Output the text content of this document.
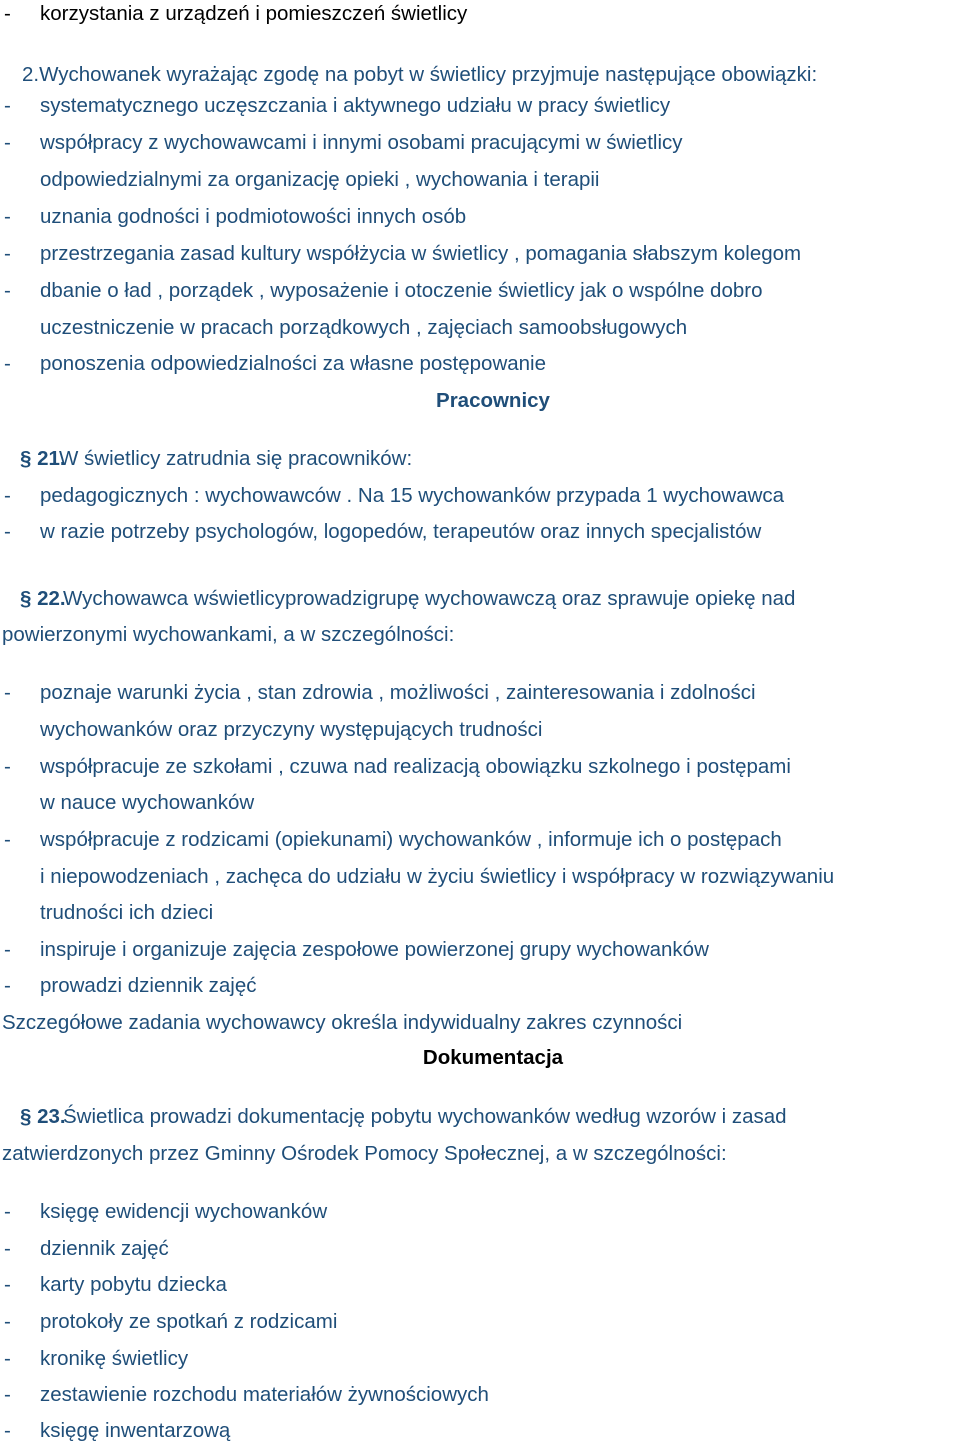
-	korzystania z urządzeń i pomieszczeń świetlicy
2.Wychowanek wyrażając zgodę na pobyt w świetlicy przyjmuje następujące obowiązki:
-	systematycznego uczęszczania i aktywnego udziału w pracy świetlicy
-	współpracy z wychowawcami i innymi osobami pracującymi w świetlicy
odpowiedzialnymi za organizację opieki , wychowania i terapii
-	uznania godności i podmiotowości innych osób
-	przestrzegania zasad kultury współżycia w świetlicy , pomagania słabszym kolegom
-	dbanie o ład , porządek , wyposażenie i otoczenie świetlicy jak o wspólne dobro
uczestniczenie w pracach porządkowych , zajęciach samoobsługowych
-	ponoszenia odpowiedzialności za własne postępowanie
Pracownicy
§ 21.
W świetlicy zatrudnia się pracowników:
-	pedagogicznych : wychowawców . Na 15 wychowanków przypada 1 wychowawca
-	w razie potrzeby psychologów, logopedów, terapeutów oraz innych specjalistów
§ 22.
Wychowawca wświetlicyprowadzigrupę wychowawczą oraz sprawuje opiekę nad
powierzonymi wychowankami, a w szczególności:
-	poznaje warunki życia , stan zdrowia , możliwości , zainteresowania i zdolności
wychowanków oraz przyczyny występujących trudności
-	współpracuje ze szkołami , czuwa nad realizacją obowiązku szkolnego i postępami
w nauce wychowanków
-	współpracuje z rodzicami (opiekunami) wychowanków , informuje ich o postępach
i niepowodzeniach , zachęca do udziału w życiu świetlicy i współpracy w rozwiązywaniu
trudności ich dzieci
-	inspiruje i organizuje zajęcia zespołowe powierzonej grupy wychowanków
-	prowadzi dziennik zajęć
Szczegółowe zadania wychowawcy określa indywidualny zakres czynności
Dokumentacja
§ 23.
Świetlica prowadzi dokumentację pobytu wychowanków według wzorów i zasad
zatwierdzonych przez Gminny Ośrodek Pomocy Społecznej, a w szczególności:
-	księgę ewidencji wychowanków
-	dziennik zajęć
-	karty pobytu dziecka
-	protokoły ze spotkań z rodzicami
-	kronikę świetlicy
-	zestawienie rozchodu materiałów żywnościowych
-	księgę inwentarzową
